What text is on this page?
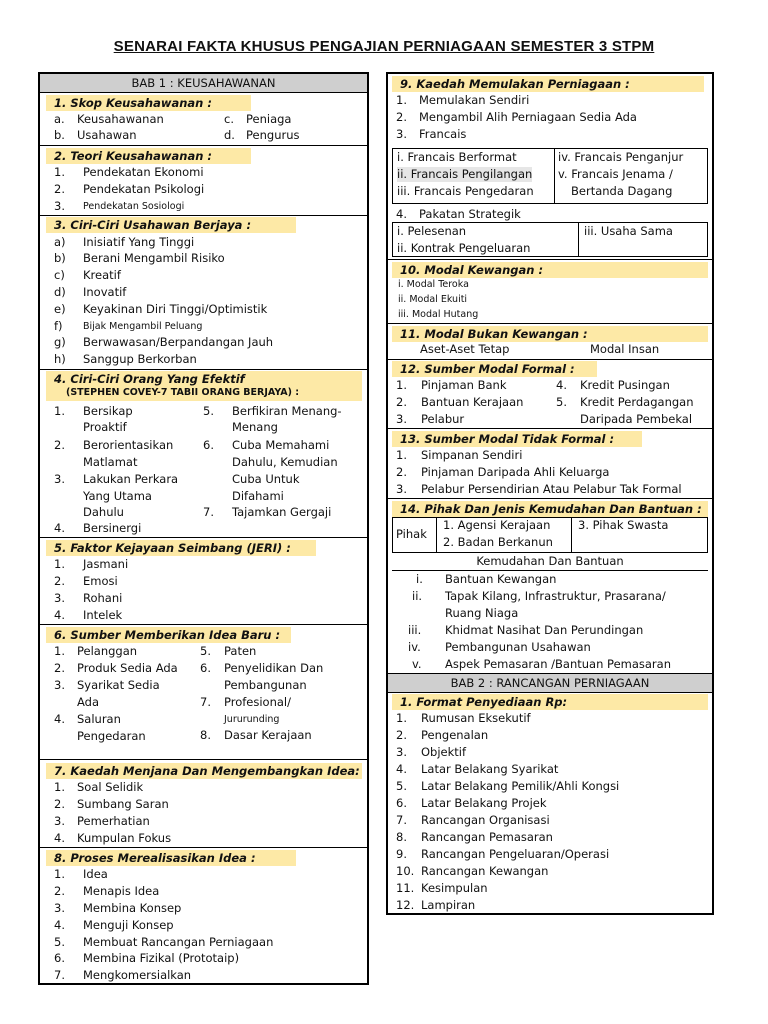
SENARAI FAKTA KHUSUS PENGAJIAN PERNIAGAAN SEMESTER 3 STPM
BAB 1 : KEUSAHAWANAN
1. Skop Keusahawanan :
a. Keusahawanan
b. Usahawan
c. Peniaga
d. Pengurus
2. Teori Keusahawanan :
1. Pendekatan Ekonomi
2. Pendekatan Psikologi
3. Pendekatan Sosiologi
3. Ciri-Ciri Usahawan Berjaya :
a) Inisiatif Yang Tinggi
b) Berani Mengambil Risiko
c) Kreatif
d) Inovatif
e) Keyakinan Diri Tinggi/Optimistik
f) Bijak Mengambil Peluang
g) Berwawasan/Berpandangan Jauh
h) Sanggup Berkorban
4. Ciri-Ciri Orang Yang Efektif
(STEPHEN COVEY-7 TABII ORANG BERJAYA) :
1. Bersikap
Proaktif
2. Berorientasikan
Matlamat
3. Lakukan Perkara
Yang Utama
Dahulu
4. Bersinergi
5. Berfikiran Menang-
Menang
6. Cuba Memahami
Dahulu, Kemudian
Cuba Untuk
Difahami
7. Tajamkan Gergaji
5. Faktor Kejayaan Seimbang (JERI) :
1. Jasmani
2. Emosi
3. Rohani
4. Intelek
6. Sumber Memberikan Idea Baru :
1. Pelanggan
2. Produk Sedia Ada
3. Syarikat Sedia
Ada
4. Saluran
Pengedaran
5. Paten
6. Penyelidikan Dan
Pembangunan
7. Profesional/
Jururunding
8. Dasar Kerajaan
7. Kaedah Menjana Dan Mengembangkan Idea:
1. Soal Selidik
2. Sumbang Saran
3. Pemerhatian
4. Kumpulan Fokus
8. Proses Merealisasikan Idea :
1. Idea
2. Menapis Idea
3. Membina Konsep
4. Menguji Konsep
5. Membuat Rancangan Perniagaan
6. Membina Fizikal (Prototaip)
7. Mengkomersialkan
9. Kaedah Memulakan Perniagaan :
1. Memulakan Sendiri
2. Mengambil Alih Perniagaan Sedia Ada
3. Francais
i. Francais Berformat
ii. Francais Pengilangan
iii. Francais Pengedaran
iv. Francais Penganjur
v. Francais Jenama /
Bertanda Dagang
4. Pakatan Strategik
i. Pelesenan
ii. Kontrak Pengeluaran
iii. Usaha Sama
10. Modal Kewangan :
i. Modal Teroka
ii. Modal Ekuiti
iii. Modal Hutang
11. Modal Bukan Kewangan :
Aset-Aset Tetap	Modal Insan
12. Sumber Modal Formal :
1. Pinjaman Bank
2. Bantuan Kerajaan
3. Pelabur
4. Kredit Pusingan
5. Kredit Perdagangan
Daripada Pembekal
13. Sumber Modal Tidak Formal :
1. Simpanan Sendiri
2. Pinjaman Daripada Ahli Keluarga
3. Pelabur Persendirian Atau Pelabur Tak Formal
14. Pihak Dan Jenis Kemudahan Dan Bantuan :
Pihak
1. Agensi Kerajaan
2. Badan Berkanun
3. Pihak Swasta
Kemudahan Dan Bantuan
i. Bantuan Kewangan
ii. Tapak Kilang, Infrastruktur, Prasarana/
Ruang Niaga
iii. Khidmat Nasihat Dan Perundingan
iv. Pembangunan Usahawan
v. Aspek Pemasaran /Bantuan Pemasaran
BAB 2 : RANCANGAN PERNIAGAAN
1. Format Penyediaan Rp:
1. Rumusan Eksekutif
2. Pengenalan
3. Objektif
4. Latar Belakang Syarikat
5. Latar Belakang Pemilik/Ahli Kongsi
6. Latar Belakang Projek
7. Rancangan Organisasi
8. Rancangan Pemasaran
9. Rancangan Pengeluaran/Operasi
10. Rancangan Kewangan
11. Kesimpulan
12. Lampiran
